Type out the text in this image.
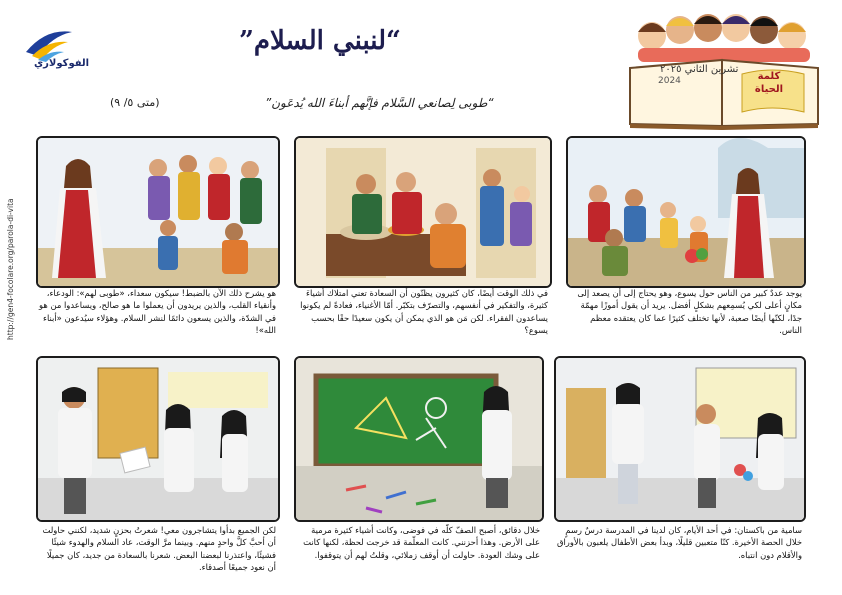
الفوكولاري
“لنبني السلام”
“طوبى لِصانعي السَّلام فإنَّهم أبناءَ الله يُدعَون”
(متى ٥/ ٩)
تشرين الثاني ٢٠٢٥
2024	كلمة الحياة
http://gen4-focolare.org/parola-di-vita	يوجد عددٌ كبير من الناس حول يسوع، وهو يحتاج إلى أن يصعد إلى مكانٍ أعلى لكي يُسمِعهم بشكلٍ أفضل. يريد أن يقول أموزًا مهمّة جدًا، لكنّها أيضًا صعبة، لأنها تختلف كثيرًا عما كان يعتقده معظم الناس.

في ذلك الوقت أيضًا، كان كثيرون يظنّون أن السعادة تعني امتلاك أشياءَ كثيرة، والتفكير في أنفسهم، والتصرّف بتكبّر. أمّا الأغنياء، فعادةً لم يكونوا يساعدون الفقراء. لكن مَن هو الذي يمكن أن يكون سعيدًا حقًا بحسب يسوع؟

هو يشرح ذلك الآن بالضبط! سيكون سعداء، «طوبى لهم»: الودعاء، وأنقياء القلب، والذين يريدون أن يعملوا ما هو صالح، ويساعدوا من هو في الشدّة، والذين يسعون دائمًا لنشر السلام. وهؤلاء سيُدعون «أبناء الله»!

سامية من باكستان: في أحد الأيام، كان لدينا في المدرسة درسٌ رسمٍ خلال الحصة الأخيرة. كنّا متعبين قليلًا، وبدأ بعض الأطفال يلعبون بالأوراق والأقلام دون انتباه.

خلال دقائق، أصبح الصفّ كلّه في فوضى، وكانت أشياء كثيرة مرمية على الأرض. وهذا أحزنني. كانت المعلّمة قد خرجت لحظة، لكنها كانت على وشك العودة. حاولت أن أوقف زملائي، وقلتُ لهم أن يتوقفوا.

لكن الجميع بدأوا يتشاجرون معي! شعرتُ بحزنٍ شديد، لكنني حاولت أن أحبَّ كلَّ واحدٍ منهم. وبينما مرَّ الوقت، عاد السلام والهدوء شيئًا فشيئًا، واعتذرنا لبعضنا البعض. شعرنا بالسعادة من جديد، كان جميلًا أن نعود جميعًا أصدقاء.
